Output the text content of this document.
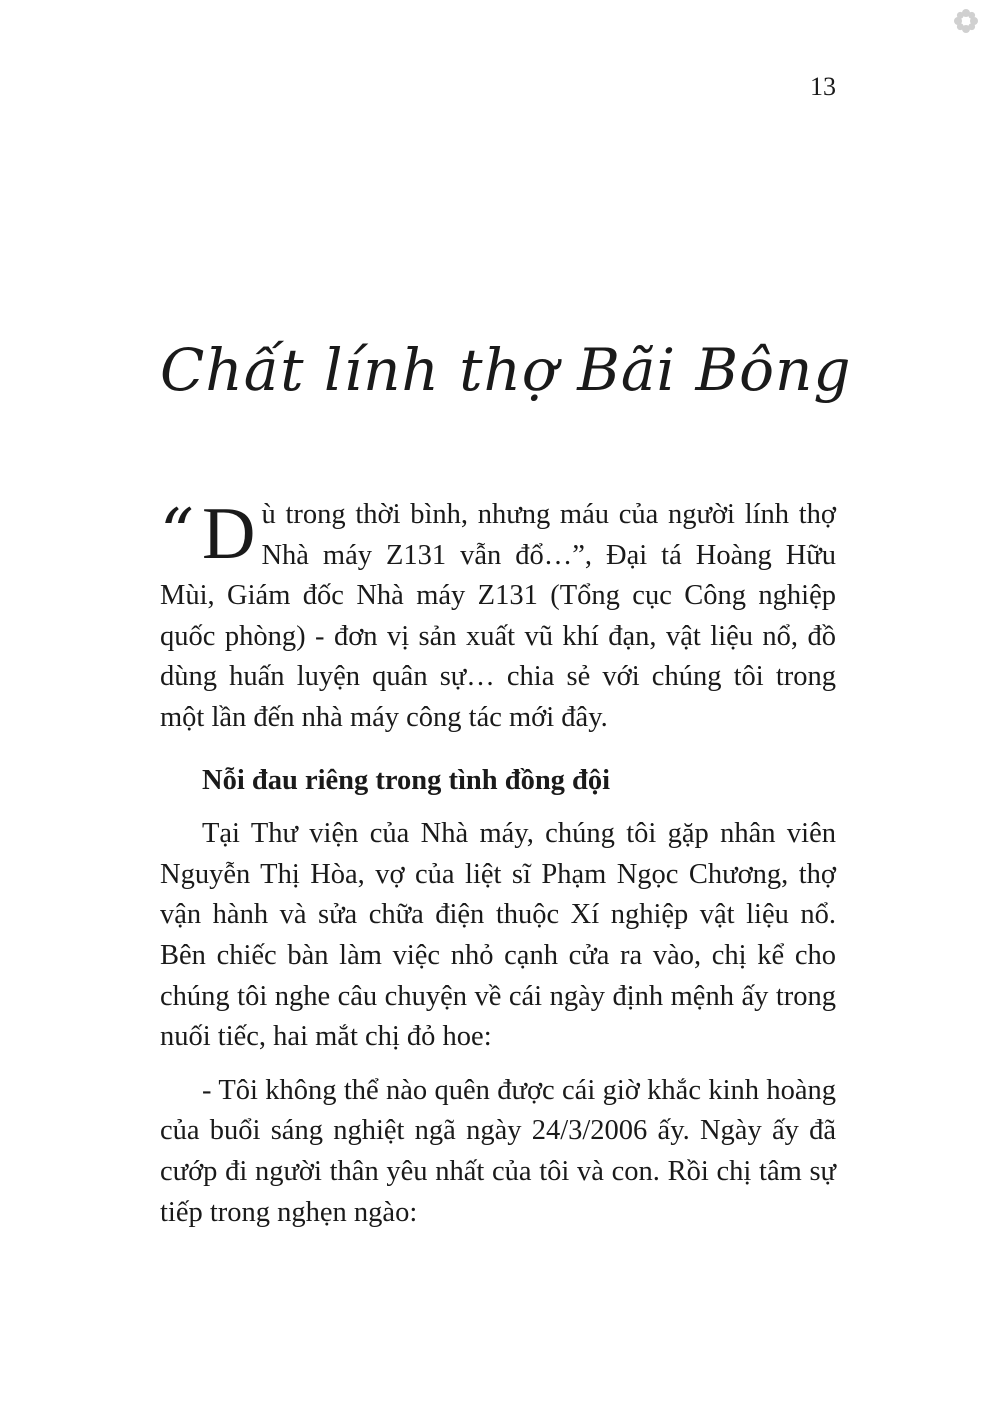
13
Chất lính thợ Bãi Bông

“ D ù trong thời bình, nhưng máu của người lính thợ Nhà máy Z131 vẫn đổ…”, Đại tá Hoàng Hữu Mùi, Giám đốc Nhà máy Z131 (Tổng cục Công nghiệp quốc phòng) - đơn vị sản xuất vũ khí đạn, vật liệu nổ, đồ dùng huấn luyện quân sự… chia sẻ với chúng tôi trong một lần đến nhà máy công tác mới đây.

Nỗi đau riêng trong tình đồng đội

Tại Thư viện của Nhà máy, chúng tôi gặp nhân viên Nguyễn Thị Hòa, vợ của liệt sĩ Phạm Ngọc Chương, thợ vận hành và sửa chữa điện thuộc Xí nghiệp vật liệu nổ. Bên chiếc bàn làm việc nhỏ cạnh cửa ra vào, chị kể cho chúng tôi nghe câu chuyện về cái ngày định mệnh ấy trong nuối tiếc, hai mắt chị đỏ hoe:

- Tôi không thể nào quên được cái giờ khắc kinh hoàng của buổi sáng nghiệt ngã ngày 24/3/2006 ấy. Ngày ấy đã cướp đi người thân yêu nhất của tôi và con. Rồi chị tâm sự tiếp trong nghẹn ngào:
